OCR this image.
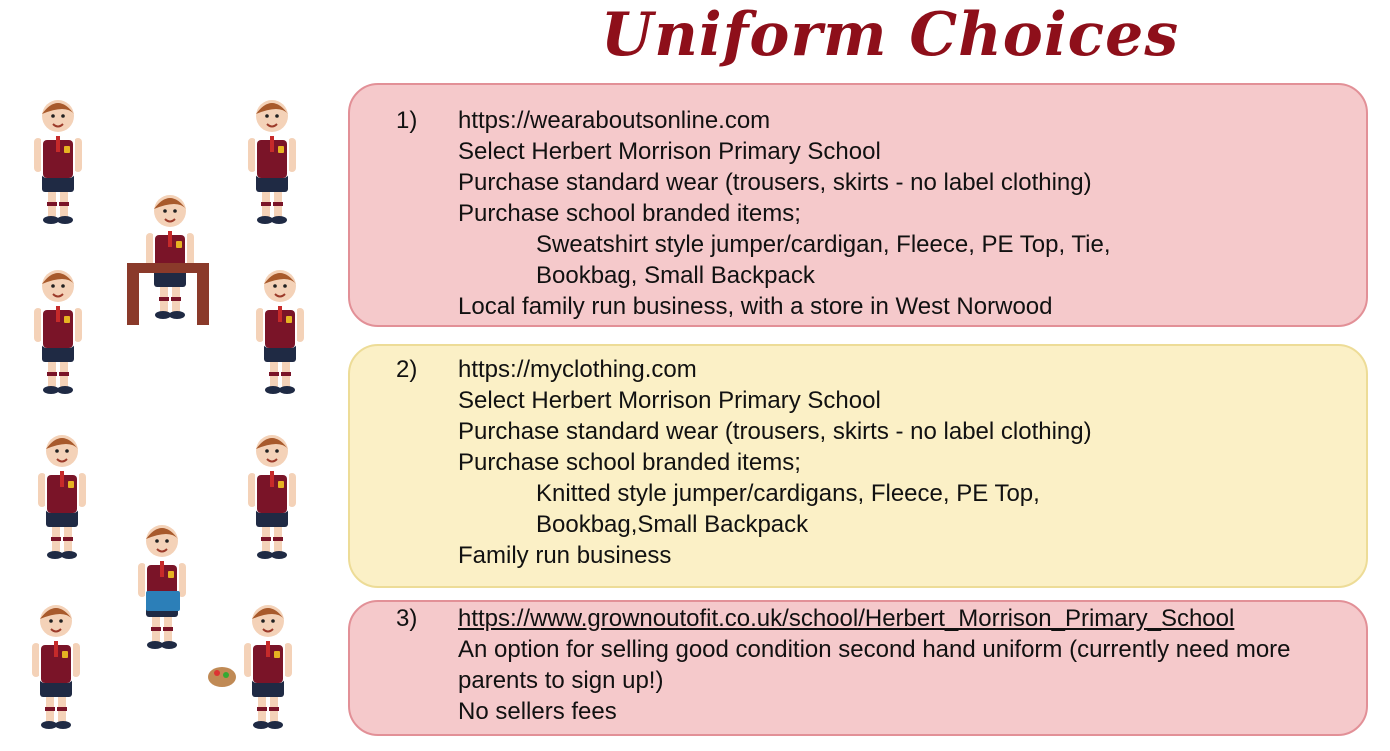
Uniform Choices
1) https://wearaboutsonline.com
Select Herbert Morrison Primary School
Purchase standard wear (trousers, skirts - no label clothing)
Purchase school branded items;
Sweatshirt style jumper/cardigan, Fleece, PE Top, Tie,
Bookbag, Small Backpack
Local family run business, with a store in West Norwood
2) https://myclothing.com
Select Herbert Morrison Primary School
Purchase standard wear (trousers, skirts - no label clothing)
Purchase school branded items;
Knitted style jumper/cardigans, Fleece, PE Top,
Bookbag,Small Backpack
Family run business
3) https://www.grownoutofit.co.uk/school/Herbert_Morrison_Primary_School
An option for selling good condition second hand uniform (currently need more
parents to sign up!)
No sellers fees
